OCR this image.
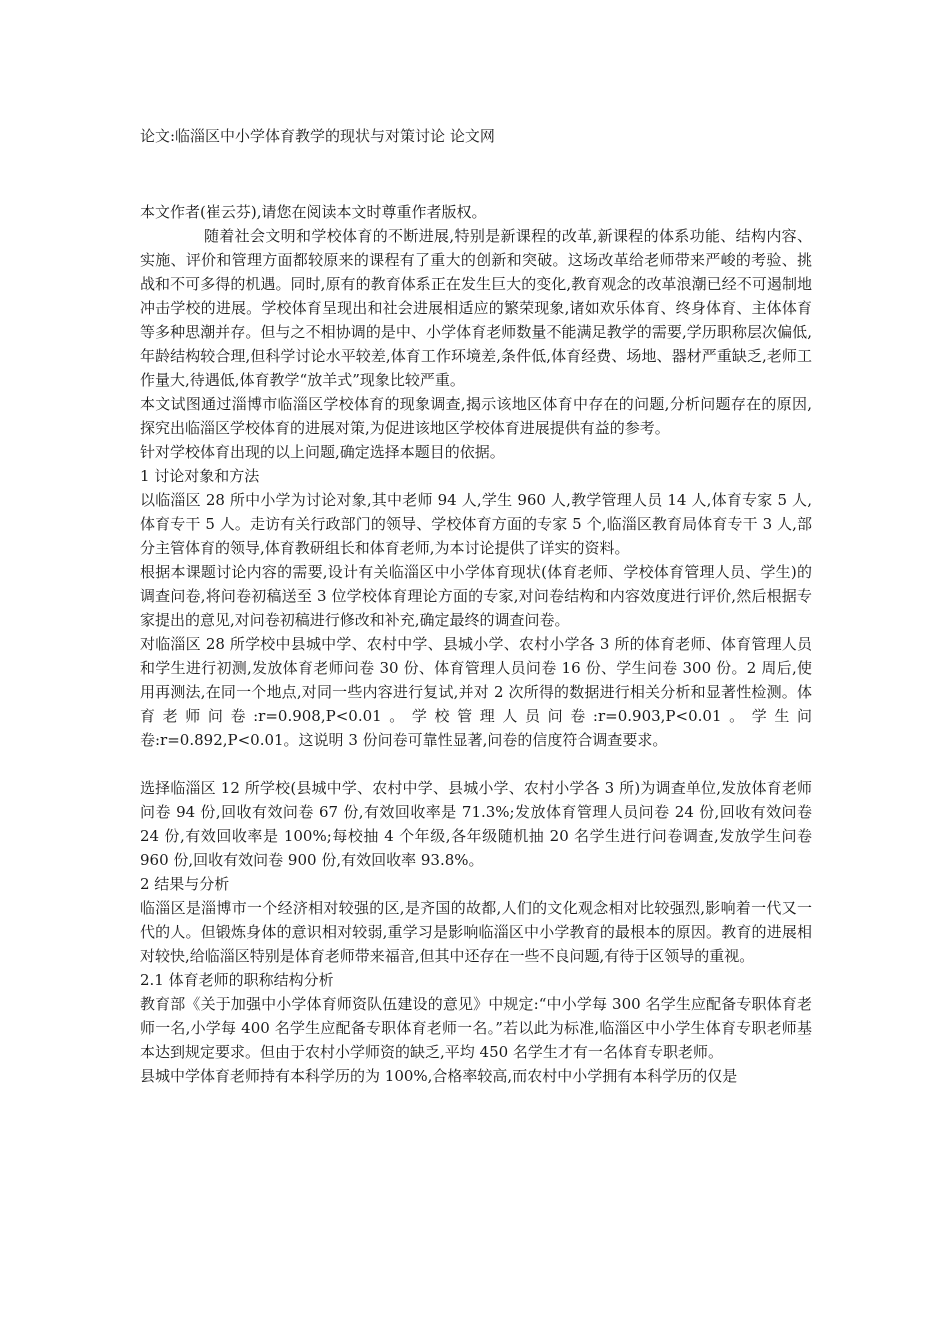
论文:临淄区中小学体育教学的现状与对策讨论 论文网

本文作者(崔云芬),请您在阅读本文时尊重作者版权。

随着社会文明和学校体育的不断进展,特别是新课程的改革,新课程的体系功能、结构内容、实施、评价和管理方面都较原来的课程有了重大的创新和突破。这场改革给老师带来严峻的考验、挑战和不可多得的机遇。同时,原有的教育体系正在发生巨大的变化,教育观念的改革浪潮已经不可遏制地冲击学校的进展。学校体育呈现出和社会进展相适应的繁荣现象,诸如欢乐体育、终身体育、主体体育等多种思潮并存。但与之不相协调的是中、小学体育老师数量不能满足教学的需要,学历职称层次偏低,年龄结构较合理,但科学讨论水平较差,体育工作环境差,条件低,体育经费、场地、器材严重缺乏,老师工作量大,待遇低,体育教学“放羊式”现象比较严重。

本文试图通过淄博市临淄区学校体育的现象调查,揭示该地区体育中存在的问题,分析问题存在的原因,探究出临淄区学校体育的进展对策,为促进该地区学校体育进展提供有益的参考。

针对学校体育出现的以上问题,确定选择本题目的依据。

1 讨论对象和方法

以临淄区 28 所中小学为讨论对象,其中老师 94 人,学生 960 人,教学管理人员 14 人,体育专家 5 人,体育专干 5 人。走访有关行政部门的领导、学校体育方面的专家 5 个,临淄区教育局体育专干 3 人,部分主管体育的领导,体育教研组长和体育老师,为本讨论提供了详实的资料。

根据本课题讨论内容的需要,设计有关临淄区中小学体育现状(体育老师、学校体育管理人员、学生)的调查问卷,将问卷初稿送至 3 位学校体育理论方面的专家,对问卷结构和内容效度进行评价,然后根据专家提出的意见,对问卷初稿进行修改和补充,确定最终的调查问卷。

对临淄区 28 所学校中县城中学、农村中学、县城小学、农村小学各 3 所的体育老师、体育管理人员和学生进行初测,发放体育老师问卷 30 份、体育管理人员问卷 16 份、学生问卷 300 份。2 周后,使用再测法,在同一个地点,对同一些内容进行复试,并对 2 次所得的数据进行相关分析和显著性检测。体育老师问卷:r=0.908,P<0.01。学校管理人员问卷:r=0.903,P<0.01。学生问卷:r=0.892,P<0.01。这说明 3 份问卷可靠性显著,问卷的信度符合调查要求。

选择临淄区 12 所学校(县城中学、农村中学、县城小学、农村小学各 3 所)为调查单位,发放体育老师问卷 94 份,回收有效问卷 67 份,有效回收率是 71.3%;发放体育管理人员问卷 24 份,回收有效问卷 24 份,有效回收率是 100%;每校抽 4 个年级,各年级随机抽 20 名学生进行问卷调查,发放学生问卷 960 份,回收有效问卷 900 份,有效回收率 93.8%。

2 结果与分析

临淄区是淄博市一个经济相对较强的区,是齐国的故都,人们的文化观念相对比较强烈,影响着一代又一代的人。但锻炼身体的意识相对较弱,重学习是影响临淄区中小学教育的最根本的原因。教育的进展相对较快,给临淄区特别是体育老师带来福音,但其中还存在一些不良问题,有待于区领导的重视。

2.1 体育老师的职称结构分析

教育部《关于加强中小学体育师资队伍建设的意见》中规定:“中小学每 300 名学生应配备专职体育老师一名,小学每 400 名学生应配备专职体育老师一名。”若以此为标准,临淄区中小学生体育专职老师基本达到规定要求。但由于农村小学师资的缺乏,平均 450 名学生才有一名体育专职老师。

县城中学体育老师持有本科学历的为 100%,合格率较高,而农村中小学拥有本科学历的仅是
